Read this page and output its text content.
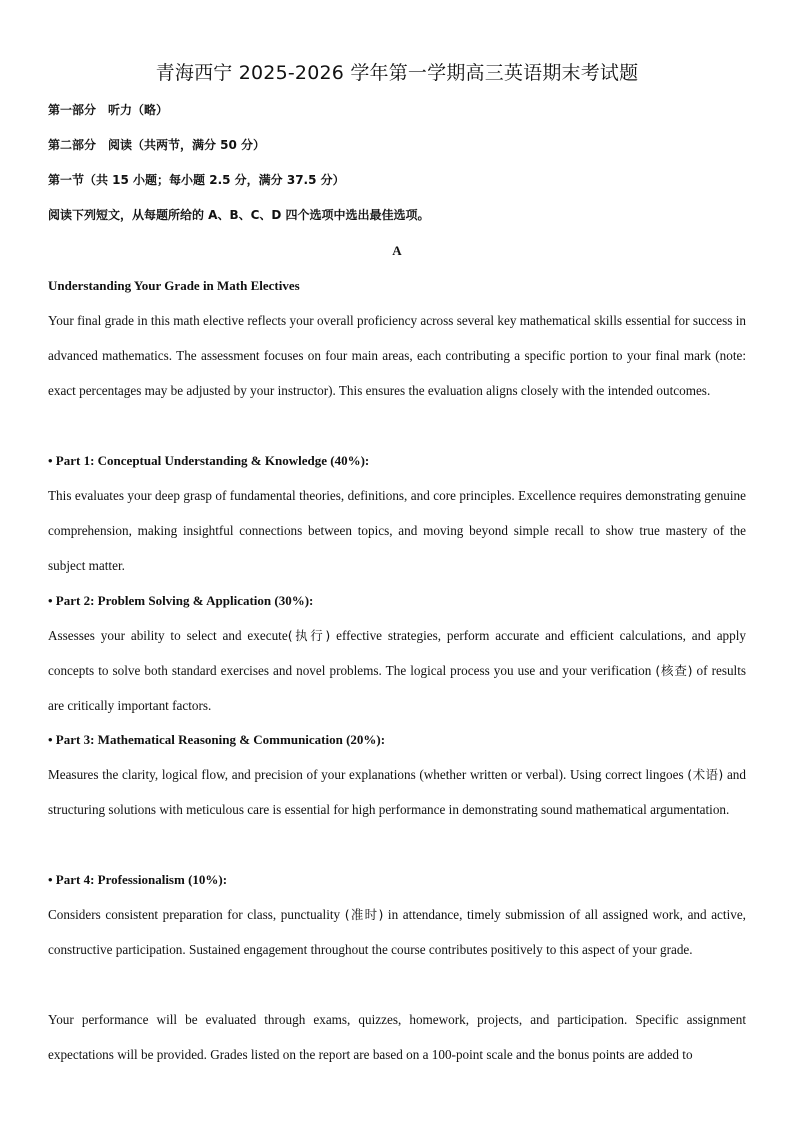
青海西宁 2025-2026 学年第一学期高三英语期末考试题
第一部分　听力（略）
第二部分　阅读（共两节，满分 50 分）
第一节（共 15 小题；每小题 2.5 分，满分 37.5 分）
阅读下列短文，从每题所给的 A、B、C、D 四个选项中选出最佳选项。
A
Understanding Your Grade in Math Electives

Your final grade in this math elective reflects your overall proficiency across several key mathematical skills essential for success in advanced mathematics. The assessment focuses on four main areas, each contributing a specific portion to your final mark (note: exact percentages may be adjusted by your instructor). This ensures the evaluation aligns closely with the intended outcomes.

• Part 1: Conceptual Understanding & Knowledge (40%):

This evaluates your deep grasp of fundamental theories, definitions, and core principles. Excellence requires demonstrating genuine comprehension, making insightful connections between topics, and moving beyond simple recall to show true mastery of the subject matter.

• Part 2: Problem Solving & Application (30%):

Assesses your ability to select and execute(执行) effective strategies, perform accurate and efficient calculations, and apply concepts to solve both standard exercises and novel problems. The logical process you use and your verification (核查) of results are critically important factors.

• Part 3: Mathematical Reasoning & Communication (20%):

Measures the clarity, logical flow, and precision of your explanations (whether written or verbal). Using correct lingoes (术语) and structuring solutions with meticulous care is essential for high performance in demonstrating sound mathematical argumentation.

• Part 4: Professionalism (10%):

Considers consistent preparation for class, punctuality (准时) in attendance, timely submission of all assigned work, and active, constructive participation. Sustained engagement throughout the course contributes positively to this aspect of your grade.

Your performance will be evaluated through exams, quizzes, homework, projects, and participation. Specific assignment expectations will be provided. Grades listed on the report are based on a 100-point scale and the bonus points are added to
